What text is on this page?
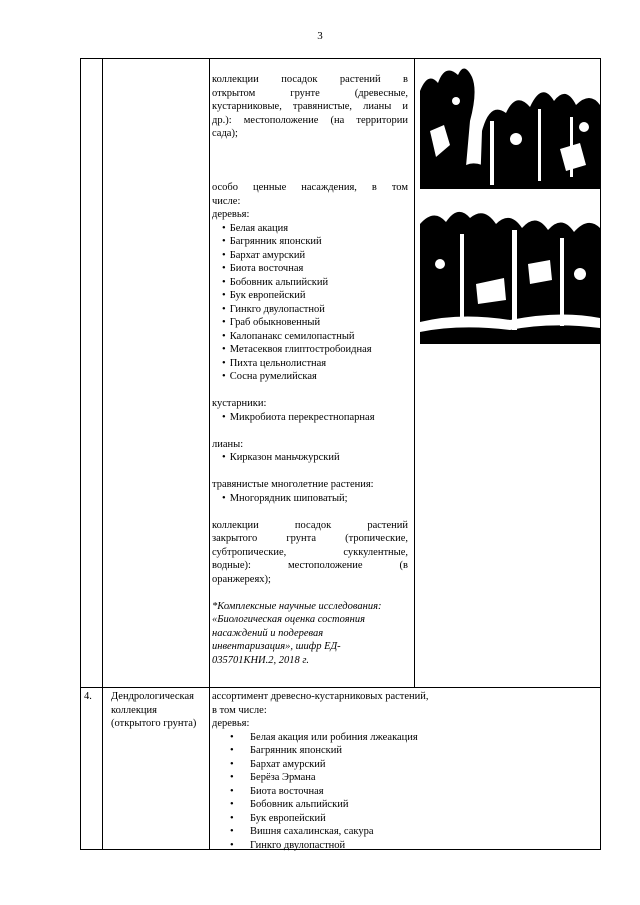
3
коллекции посадок растений в
открытом грунте (древесные,
кустарниковые, травянистые, лианы и
др.): местоположение (на территории
сада);
особо ценные насаждения, в том
числе:
деревья:
• Белая акация
• Багрянник японский
• Бархат амурский
• Биота восточная
• Бобовник альпийский
• Бук европейский
• Гинкго двулопастной
• Граб обыкновенный
• Калопанакс семилопастный
• Метасеквоя глиптостробоидная
• Пихта цельнолистная
• Сосна румелийская
кустарники:
• Микробиота перекрестнопарная
лианы:
• Кирказон маньчжурский
травянистые многолетние растения:
• Многорядник шиповатый;
коллекции посадок растений
закрытого грунта (тропические,
субтропические, суккулентные,
водные): местоположение (в
оранжереях);
*Комплексные научные исследования:
«Биологическая оценка состояния
насаждений и подеревая
инвентаризация», шифр ЕД-
035701КНИ.2, 2018 г.
4.	Дендрологическая
коллекция
(открытого грунта)
ассортимент древесно-кустарниковых растений,
в том числе:
деревья:
• Белая акация или робиния лжеакация
• Багрянник японский
• Бархат амурский
• Берёза Эрмана
• Биота восточная
• Бобовник альпийский
• Бук европейский
• Вишня сахалинская, сакура
• Гинкго двулопастной
